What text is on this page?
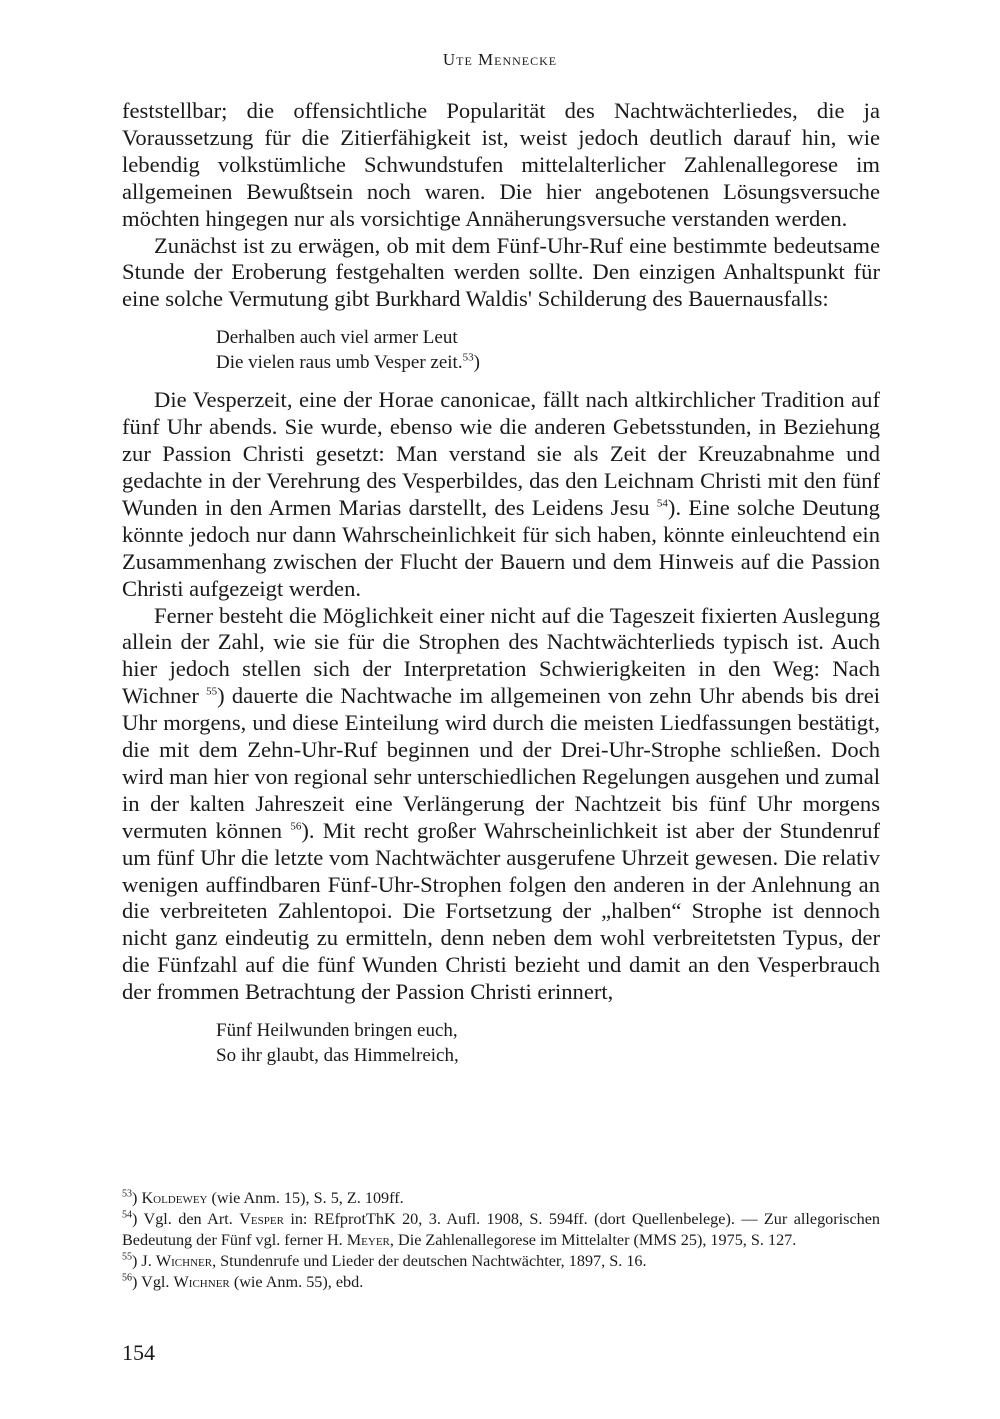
Ute Mennecke

feststellbar; die offensichtliche Popularität des Nachtwächterliedes, die ja Voraussetzung für die Zitierfähigkeit ist, weist jedoch deutlich darauf hin, wie lebendig volkstümliche Schwundstufen mittelalterlicher Zahlenallegorese im allgemeinen Bewußtsein noch waren. Die hier angebotenen Lösungsversuche möchten hingegen nur als vorsichtige Annäherungsversuche verstanden werden.

Zunächst ist zu erwägen, ob mit dem Fünf-Uhr-Ruf eine bestimmte bedeutsame Stunde der Eroberung festgehalten werden sollte. Den einzigen Anhaltspunkt für eine solche Vermutung gibt Burkhard Waldis' Schilderung des Bauernausfalls:

Derhalben auch viel armer Leut
Die vielen raus umb Vesper zeit.$^{53}$)

Die Vesperzeit, eine der Horae canonicae, fällt nach altkirchlicher Tradition auf fünf Uhr abends. Sie wurde, ebenso wie die anderen Gebetsstunden, in Beziehung zur Passion Christi gesetzt: Man verstand sie als Zeit der Kreuzabnahme und gedachte in der Verehrung des Vesperbildes, das den Leichnam Christi mit den fünf Wunden in den Armen Marias darstellt, des Leidens Jesu $^{54}$). Eine solche Deutung könnte jedoch nur dann Wahrscheinlichkeit für sich haben, könnte einleuchtend ein Zusammenhang zwischen der Flucht der Bauern und dem Hinweis auf die Passion Christi aufgezeigt werden.

Ferner besteht die Möglichkeit einer nicht auf die Tageszeit fixierten Auslegung allein der Zahl, wie sie für die Strophen des Nachtwächterlieds typisch ist. Auch hier jedoch stellen sich der Interpretation Schwierigkeiten in den Weg: Nach Wichner $^{55}$) dauerte die Nachtwache im allgemeinen von zehn Uhr abends bis drei Uhr morgens, und diese Einteilung wird durch die meisten Liedfassungen bestätigt, die mit dem Zehn-Uhr-Ruf beginnen und der Drei-Uhr-Strophe schließen. Doch wird man hier von regional sehr unterschiedlichen Regelungen ausgehen und zumal in der kalten Jahreszeit eine Verlängerung der Nachtzeit bis fünf Uhr morgens vermuten können $^{56}$). Mit recht großer Wahrscheinlichkeit ist aber der Stundenruf um fünf Uhr die letzte vom Nachtwächter ausgerufene Uhrzeit gewesen. Die relativ wenigen auffindbaren Fünf-Uhr-Strophen folgen den anderen in der Anlehnung an die verbreiteten Zahlentopoi. Die Fortsetzung der „halben“ Strophe ist dennoch nicht ganz eindeutig zu ermitteln, denn neben dem wohl verbreitetsten Typus, der die Fünfzahl auf die fünf Wunden Christi bezieht und damit an den Vesperbrauch der frommen Betrachtung der Passion Christi erinnert,

Fünf Heilwunden bringen euch,
So ihr glaubt, das Himmelreich,

$^{53}$) Koldewey (wie Anm. 15), S. 5, Z. 109ff.

$^{54}$) Vgl. den Art. Vesper in: REfprotThK 20, 3. Aufl. 1908, S. 594ff. (dort Quellenbelege). — Zur allegorischen Bedeutung der Fünf vgl. ferner H. Meyer, Die Zahlenallegorese im Mittelalter (MMS 25), 1975, S. 127.

$^{55}$) J. Wichner, Stundenrufe und Lieder der deutschen Nachtwächter, 1897, S. 16.

$^{56}$) Vgl. Wichner (wie Anm. 55), ebd.

154
